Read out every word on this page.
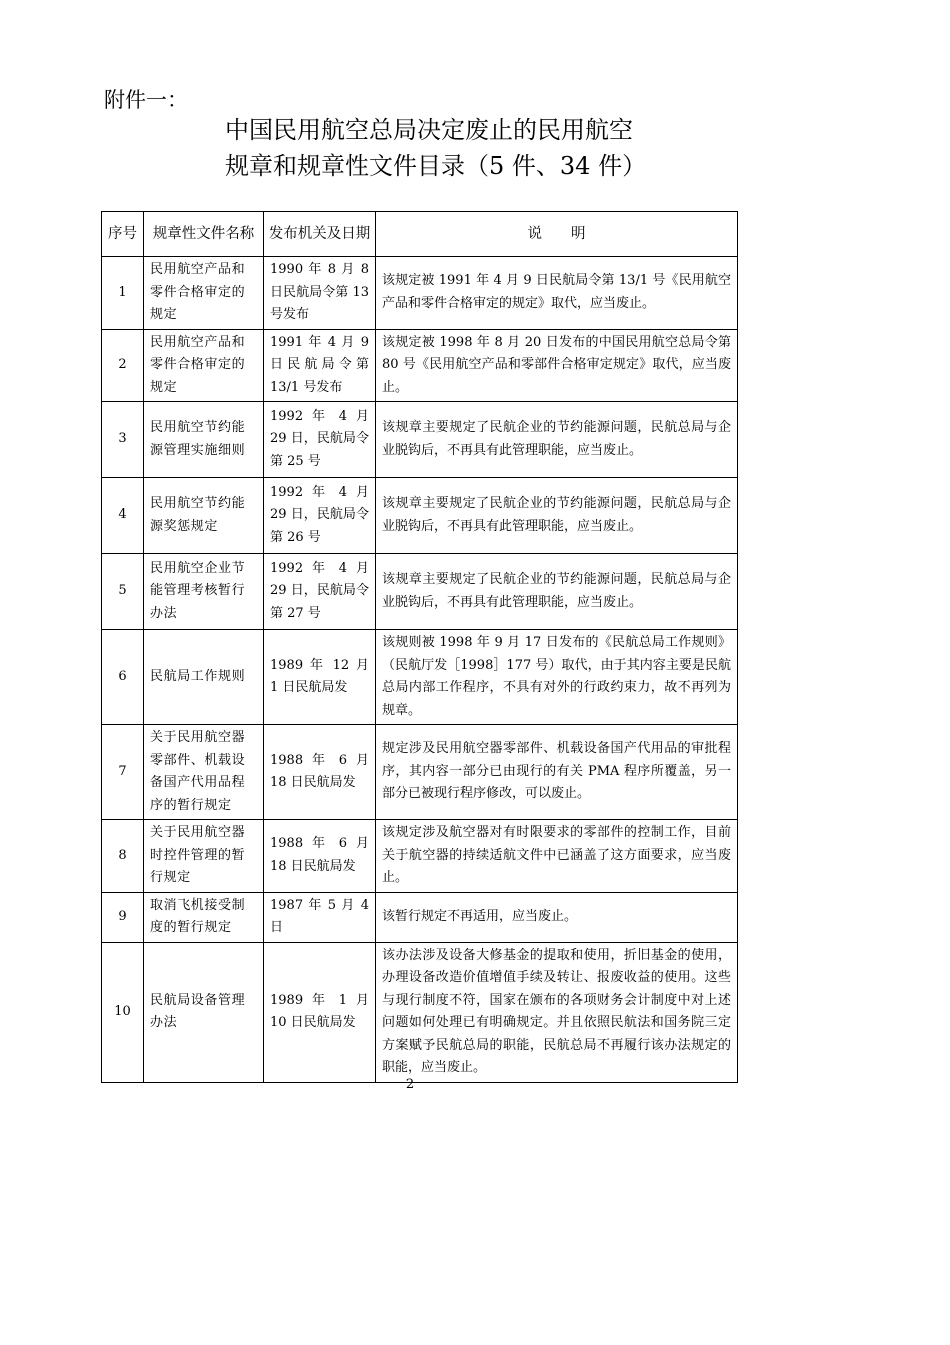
附件一：
中国民用航空总局决定废止的民用航空
规章和规章性文件目录（5 件、34 件）
序号	规章性文件名称	发布机关及日期	说　　明
1	民用航空产品和零件合格审定的规定	1990 年 8 月 8 日民航局令第 13 号发布	该规定被 1991 年 4 月 9 日民航局令第 13/1 号《民用航空产品和零件合格审定的规定》取代，应当废止。
2	民用航空产品和零件合格审定的规定	1991 年 4 月 9 日民航局令第 13/1 号发布	该规定被 1998 年 8 月 20 日发布的中国民用航空总局令第 80 号《民用航空产品和零部件合格审定规定》取代，应当废止。
3	民用航空节约能源管理实施细则	1992 年 4 月 29 日，民航局令第 25 号	该规章主要规定了民航企业的节约能源问题，民航总局与企业脱钩后，不再具有此管理职能，应当废止。
4	民用航空节约能源奖惩规定	1992 年 4 月 29 日，民航局令第 26 号	该规章主要规定了民航企业的节约能源问题，民航总局与企业脱钩后，不再具有此管理职能，应当废止。
5	民用航空企业节能管理考核暂行办法	1992 年 4 月 29 日，民航局令第 27 号	该规章主要规定了民航企业的节约能源问题，民航总局与企业脱钩后，不再具有此管理职能，应当废止。
6	民航局工作规则	1989 年 12 月 1 日民航局发	该规则被 1998 年 9 月 17 日发布的《民航总局工作规则》（民航厅发［1998］177 号）取代，由于其内容主要是民航总局内部工作程序，不具有对外的行政约束力，故不再列为规章。
7	关于民用航空器零部件、机载设备国产代用品程序的暂行规定	1988 年 6 月 18 日民航局发	规定涉及民用航空器零部件、机载设备国产代用品的审批程序，其内容一部分已由现行的有关 PMA 程序所覆盖，另一部分已被现行程序修改，可以废止。
8	关于民用航空器时控件管理的暂行规定	1988 年 6 月 18 日民航局发	该规定涉及航空器对有时限要求的零部件的控制工作，目前关于航空器的持续适航文件中已涵盖了这方面要求，应当废止。
9	取消飞机接受制度的暂行规定	1987 年 5 月 4 日	该暂行规定不再适用，应当废止。
10	民航局设备管理办法	1989 年 1 月 10 日民航局发	该办法涉及设备大修基金的提取和使用，折旧基金的使用，办理设备改造价值增值手续及转让、报废收益的使用。这些与现行制度不符，国家在颁布的各项财务会计制度中对上述问题如何处理已有明确规定。并且依照民航法和国务院三定方案赋予民航总局的职能，民航总局不再履行该办法规定的职能，应当废止。
2
